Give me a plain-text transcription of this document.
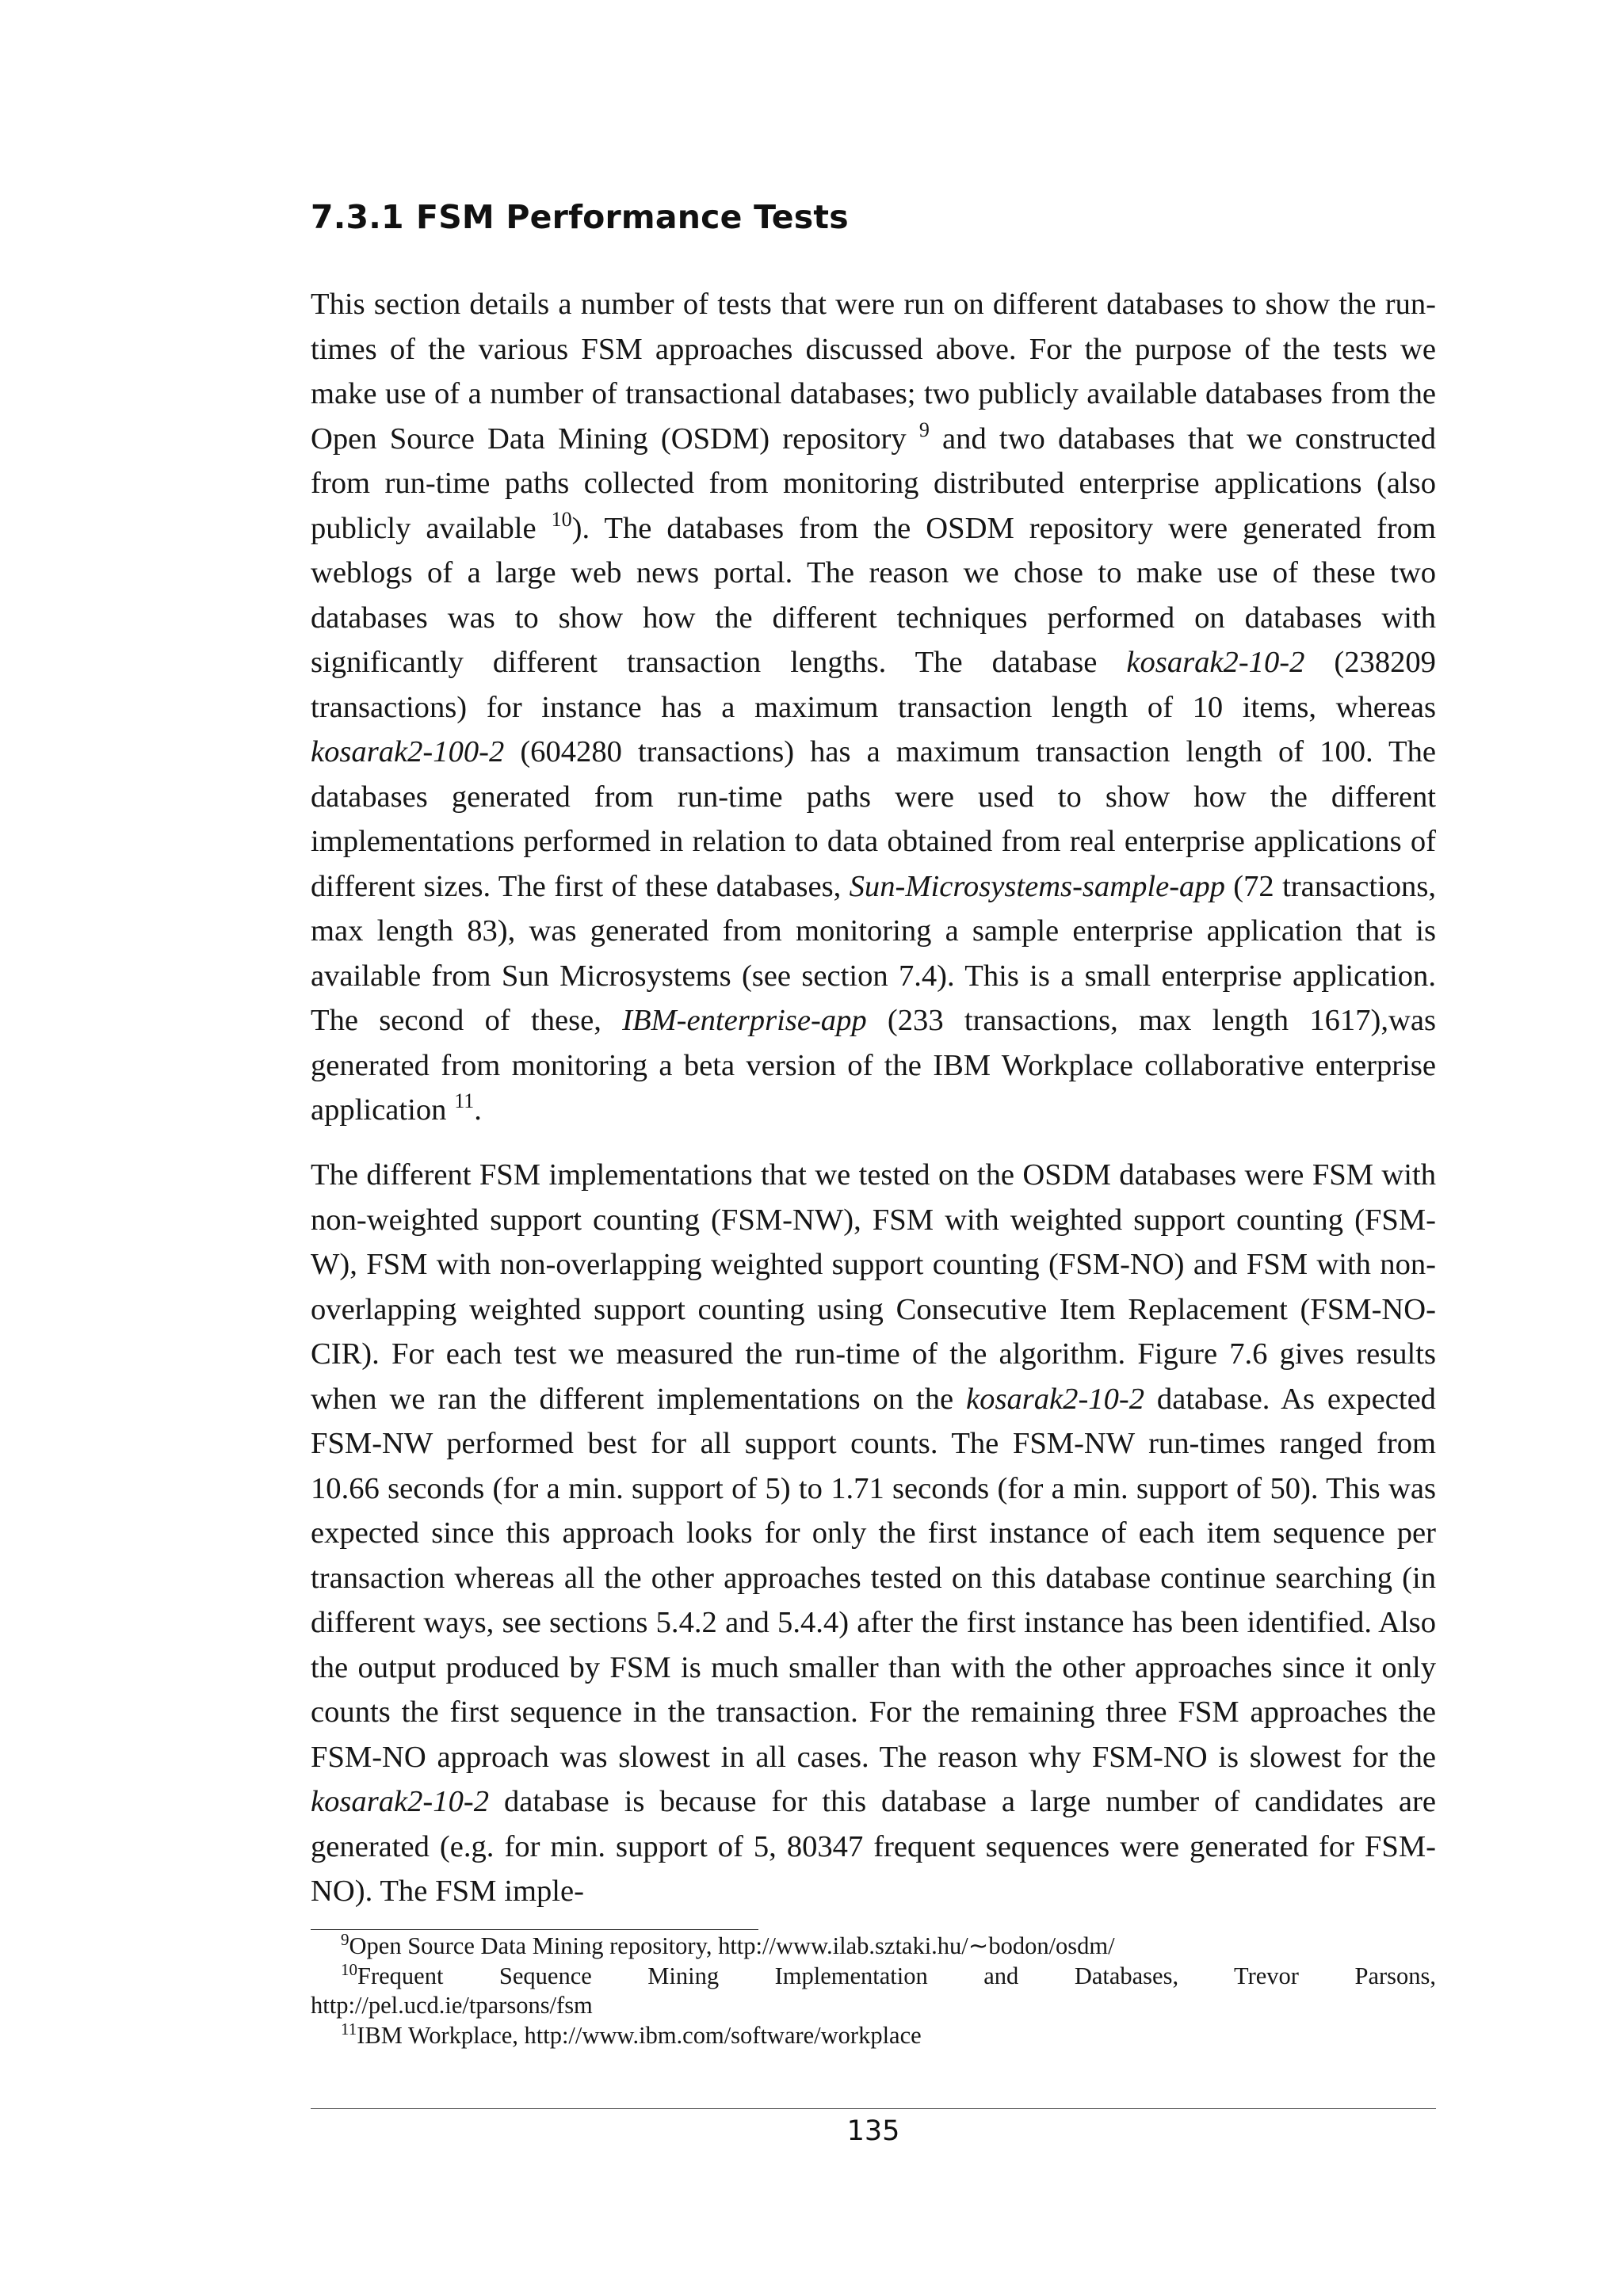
7.3.1 FSM Performance Tests
This section details a number of tests that were run on different databases to show the run-times of the various FSM approaches discussed above. For the purpose of the tests we make use of a number of transactional databases; two publicly available databases from the Open Source Data Mining (OSDM) repository $^9$ and two databases that we constructed from run-time paths collected from monitoring distributed enterprise applications (also publicly available $^{10}$). The databases from the OSDM repository were generated from weblogs of a large web news portal. The reason we chose to make use of these two databases was to show how the different techniques performed on databases with significantly different transaction lengths. The database kosarak2-10-2 (238209 transactions) for instance has a maximum transaction length of 10 items, whereas kosarak2-100-2 (604280 transactions) has a maximum transaction length of 100. The databases generated from run-time paths were used to show how the different implementations performed in relation to data obtained from real enterprise applications of different sizes. The first of these databases, Sun-Microsystems-sample-app (72 transactions, max length 83), was generated from monitoring a sample enterprise application that is available from Sun Microsystems (see section 7.4). This is a small enterprise application. The second of these, IBM-enterprise-app (233 transactions, max length 1617),was generated from monitoring a beta version of the IBM Workplace collaborative enterprise application $^{11}$.
The different FSM implementations that we tested on the OSDM databases were FSM with non-weighted support counting (FSM-NW), FSM with weighted support counting (FSM-W), FSM with non-overlapping weighted support counting (FSM-NO) and FSM with non-overlapping weighted support counting using Consecutive Item Replacement (FSM-NO-CIR). For each test we measured the run-time of the algorithm. Figure 7.6 gives results when we ran the different implementations on the kosarak2-10-2 database. As expected FSM-NW performed best for all support counts. The FSM-NW run-times ranged from 10.66 seconds (for a min. support of 5) to 1.71 seconds (for a min. support of 50). This was expected since this approach looks for only the first instance of each item sequence per transaction whereas all the other approaches tested on this database continue searching (in different ways, see sections 5.4.2 and 5.4.4) after the first instance has been identified. Also the output produced by FSM is much smaller than with the other approaches since it only counts the first sequence in the transaction. For the remaining three FSM approaches the FSM-NO approach was slowest in all cases. The reason why FSM-NO is slowest for the kosarak2-10-2 database is because for this database a large number of candidates are generated (e.g. for min. support of 5, 80347 frequent sequences were generated for FSM-NO). The FSM imple-
$^9$Open Source Data Mining repository, http://www.ilab.sztaki.hu/∼bodon/osdm/
$^{10}$Frequent Sequence Mining Implementation and Databases, Trevor Parsons,
http://pel.ucd.ie/tparsons/fsm
$^{11}$IBM Workplace, http://www.ibm.com/software/workplace
135
